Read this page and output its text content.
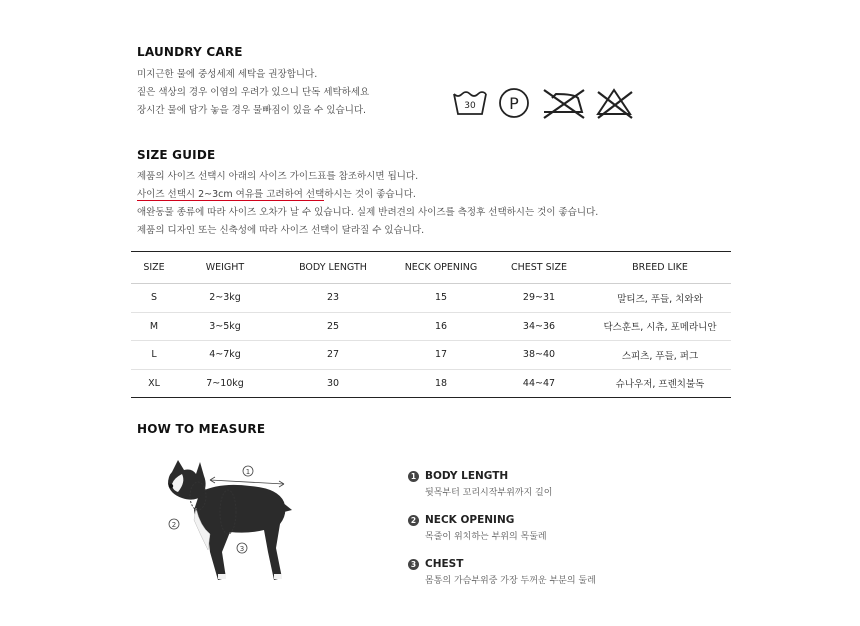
LAUNDRY CARE
미지근한 물에 중성세제 세탁을 권장합니다.
짙은 색상의 경우 이염의 우려가 있으니 단독 세탁하세요
장시간 물에 담가 놓을 경우 물빠짐이 있을 수 있습니다.	30 P
SIZE GUIDE
제품의 사이즈 선택시 아래의 사이즈 가이드표를 참조하시면 됩니다.
사이즈 선택시 2~3cm 여유를 고려하여 선택하시는 것이 좋습니다.
애완동물 종류에 따라 사이즈 오차가 날 수 있습니다. 실제 반려견의 사이즈를 측정후 선택하시는 것이 좋습니다.
제품의 디자인 또는 신축성에 따라 사이즈 선택이 달라질 수 있습니다.
SIZE	WEIGHT	BODY LENGTH	NECK OPENING	CHEST SIZE	BREED LIKE
S	2~3kg	23	15	29~31	말티즈, 푸들, 치와와
M	3~5kg	25	16	34~36	닥스훈트, 시츄, 포메라니안
L	4~7kg	27	17	38~40	스피츠, 푸들, 퍼그
XL	7~10kg	30	18	44~47	슈나우저, 프렌치불독
HOW TO MEASURE
1
2
3
1 BODY LENGTH
뒷목부터 꼬리시작부위까지 길이
2 NECK OPENING
목줄이 위치하는 부위의 목둘레
3 CHEST
몸통의 가슴부위중 가장 두꺼운 부분의 둘레
